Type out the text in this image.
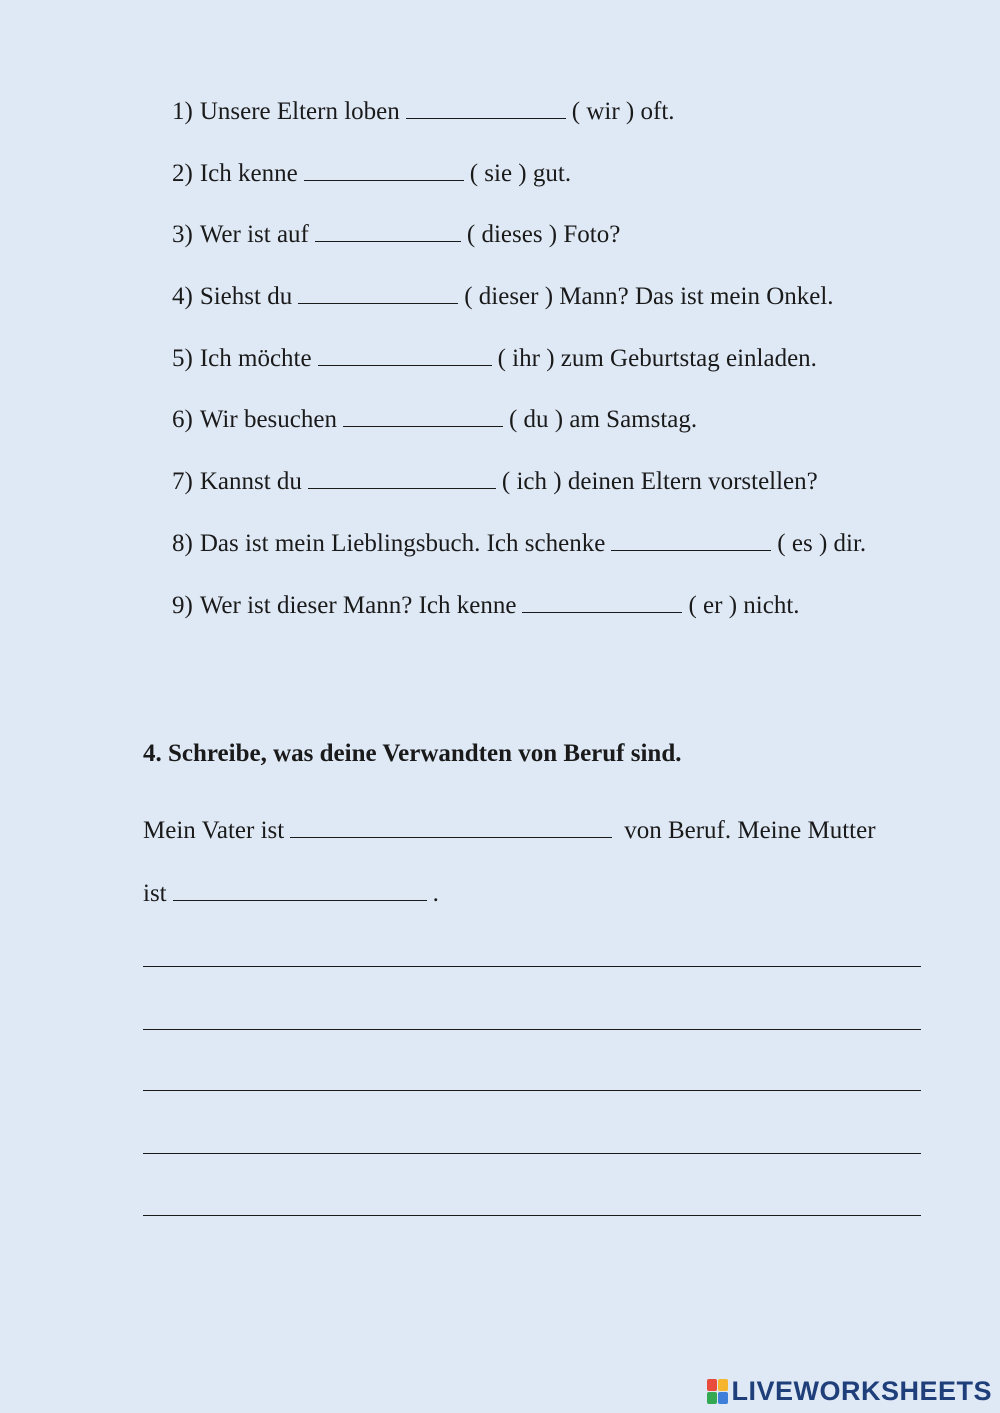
1) Unsere Eltern loben	( wir ) oft.
2) Ich kenne	( sie ) gut.
3) Wer ist auf	( dieses ) Foto?
4) Siehst du	( dieser ) Mann? Das ist mein Onkel.
5) Ich möchte	( ihr ) zum Geburtstag einladen.
6) Wir besuchen	( du ) am Samstag.
7) Kannst du	( ich ) deinen Eltern vorstellen?
8) Das ist mein Lieblingsbuch. Ich schenke	( es ) dir.
9) Wer ist dieser Mann? Ich kenne	( er ) nicht.
4. Schreibe, was deine Verwandten von Beruf sind.
Mein Vater ist	von Beruf. Meine Mutter
ist	.
LIVEWORKSHEETS
